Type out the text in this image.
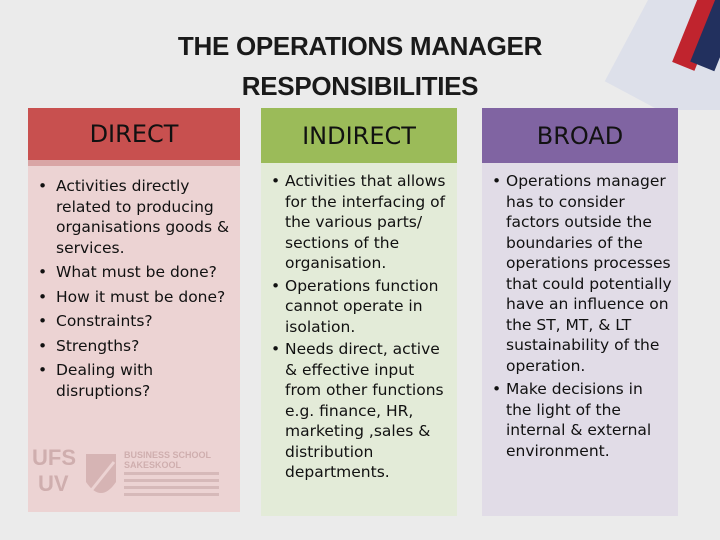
THE OPERATIONS MANAGER
RESPONSIBILITIES
DIRECT
• Activities directly related to producing organisations goods & services.
• What must be done?
• How it must be done?
• Constraints?
• Strengths?
• Dealing with disruptions?
UFS
UV
BUSINESS SCHOOL
SAKESKOOL
INDIRECT
• Activities that allows for the interfacing of the various parts/ sections of the organisation.
• Operations function cannot operate in isolation.
• Needs direct, active & effective input from other functions e.g. finance, HR, marketing ,sales & distribution departments.
BROAD
• Operations manager has to consider factors outside the boundaries of the operations processes that could potentially have an influence on the ST, MT, & LT sustainability of the operation.
• Make decisions in the light of the internal & external environment.
